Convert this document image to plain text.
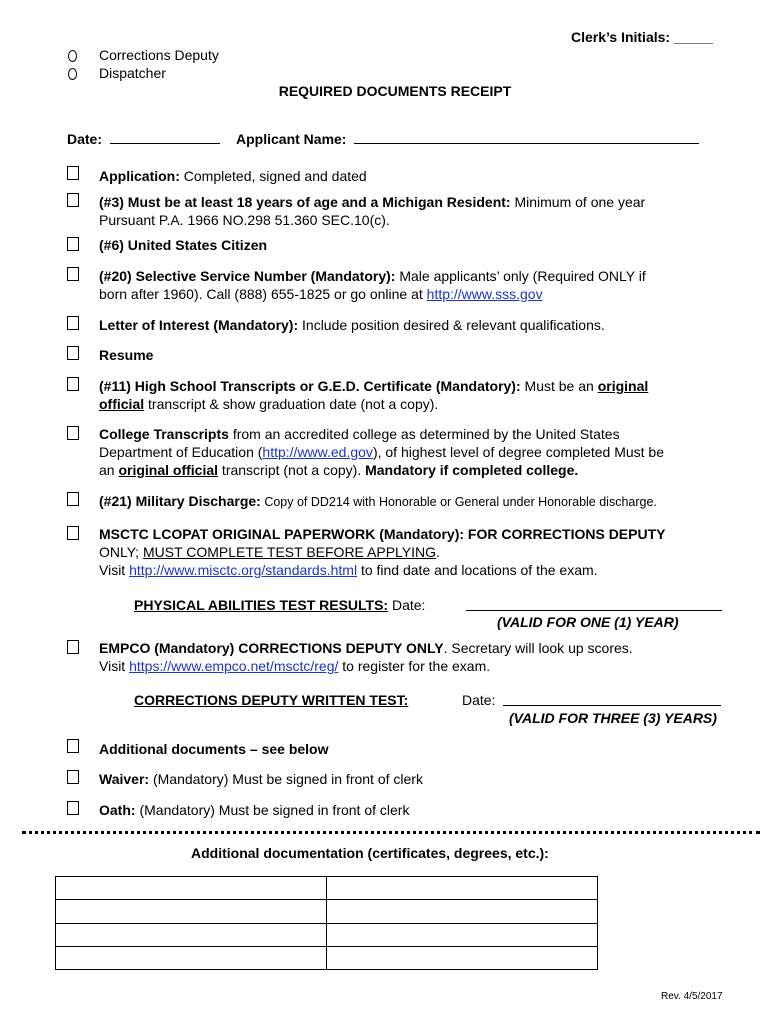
Clerk’s Initials: _____
Corrections Deputy
Dispatcher
REQUIRED DOCUMENTS RECEIPT
Date:	Applicant Name:
Application: Completed, signed and dated
(#3) Must be at least 18 years of age and a Michigan Resident: Minimum of one year
Pursuant P.A. 1966 NO.298 51.360 SEC.10(c).
(#6) United States Citizen
(#20) Selective Service Number (Mandatory): Male applicants’ only (Required ONLY if
born after 1960). Call (888) 655-1825 or go online at http://www.sss.gov
Letter of Interest (Mandatory): Include position desired & relevant qualifications.
Resume
(#11) High School Transcripts or G.E.D. Certificate (Mandatory): Must be an original
official transcript & show graduation date (not a copy).
College Transcripts from an accredited college as determined by the United States
Department of Education (http://www.ed.gov), of highest level of degree completed Must be
an original official transcript (not a copy). Mandatory if completed college.
(#21) Military Discharge: Copy of DD214 with Honorable or General under Honorable discharge.
MSCTC LCOPAT ORIGINAL PAPERWORK (Mandatory): FOR CORRECTIONS DEPUTY
ONLY; MUST COMPLETE TEST BEFORE APPLYING.
Visit http://www.misctc.org/standards.html to find date and locations of the exam.
PHYSICAL ABILITIES TEST RESULTS: Date:
(VALID FOR ONE (1) YEAR)
EMPCO (Mandatory) CORRECTIONS DEPUTY ONLY. Secretary will look up scores.
Visit https://www.empco.net/msctc/reg/ to register for the exam.
CORRECTIONS DEPUTY WRITTEN TEST:	Date:
(VALID FOR THREE (3) YEARS)
Additional documents – see below
Waiver: (Mandatory) Must be signed in front of clerk
Oath: (Mandatory) Must be signed in front of clerk
Additional documentation (certificates, degrees, etc.):

Rev. 4/5/2017
